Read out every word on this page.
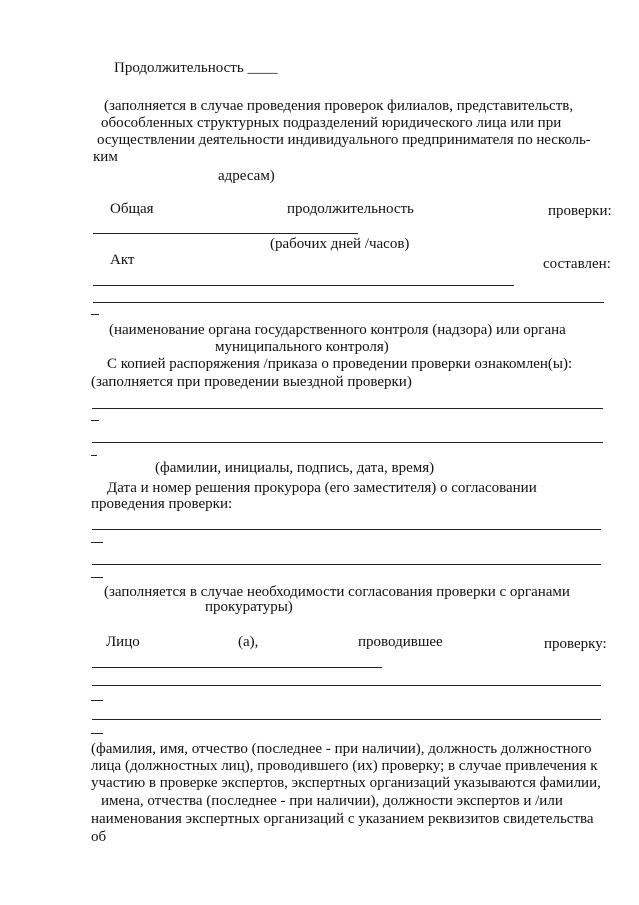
Продолжительность ____
(заполняется в случае проведения проверок филиалов, представительств,
обособленных структурных подразделений юридического лица или при
осуществлении деятельности индивидуального предпринимателя по несколь-
ким
адресам)
Общая	продолжительность	проверки:
(рабочих дней /часов)
Акт	составлен:
(наименование органа государственного контроля (надзора) или органа
муниципального контроля)
С копией распоряжения /приказа о проведении проверки ознакомлен(ы):
(заполняется при проведении выездной проверки)
(фамилии, инициалы, подпись, дата, время)
Дата и номер решения прокурора (его заместителя) о согласовании
проведения проверки:
(заполняется в случае необходимости согласования проверки с органами
прокуратуры)
Лицо	(а),	проводившее	проверку:
(фамилия, имя, отчество (последнее - при наличии), должность должностного
лица (должностных лиц), проводившего (их) проверку; в случае привлечения к
участию в проверке экспертов, экспертных организаций указываются фамилии,
имена, отчества (последнее - при наличии), должности экспертов и /или
наименования экспертных организаций с указанием реквизитов свидетельства
об
